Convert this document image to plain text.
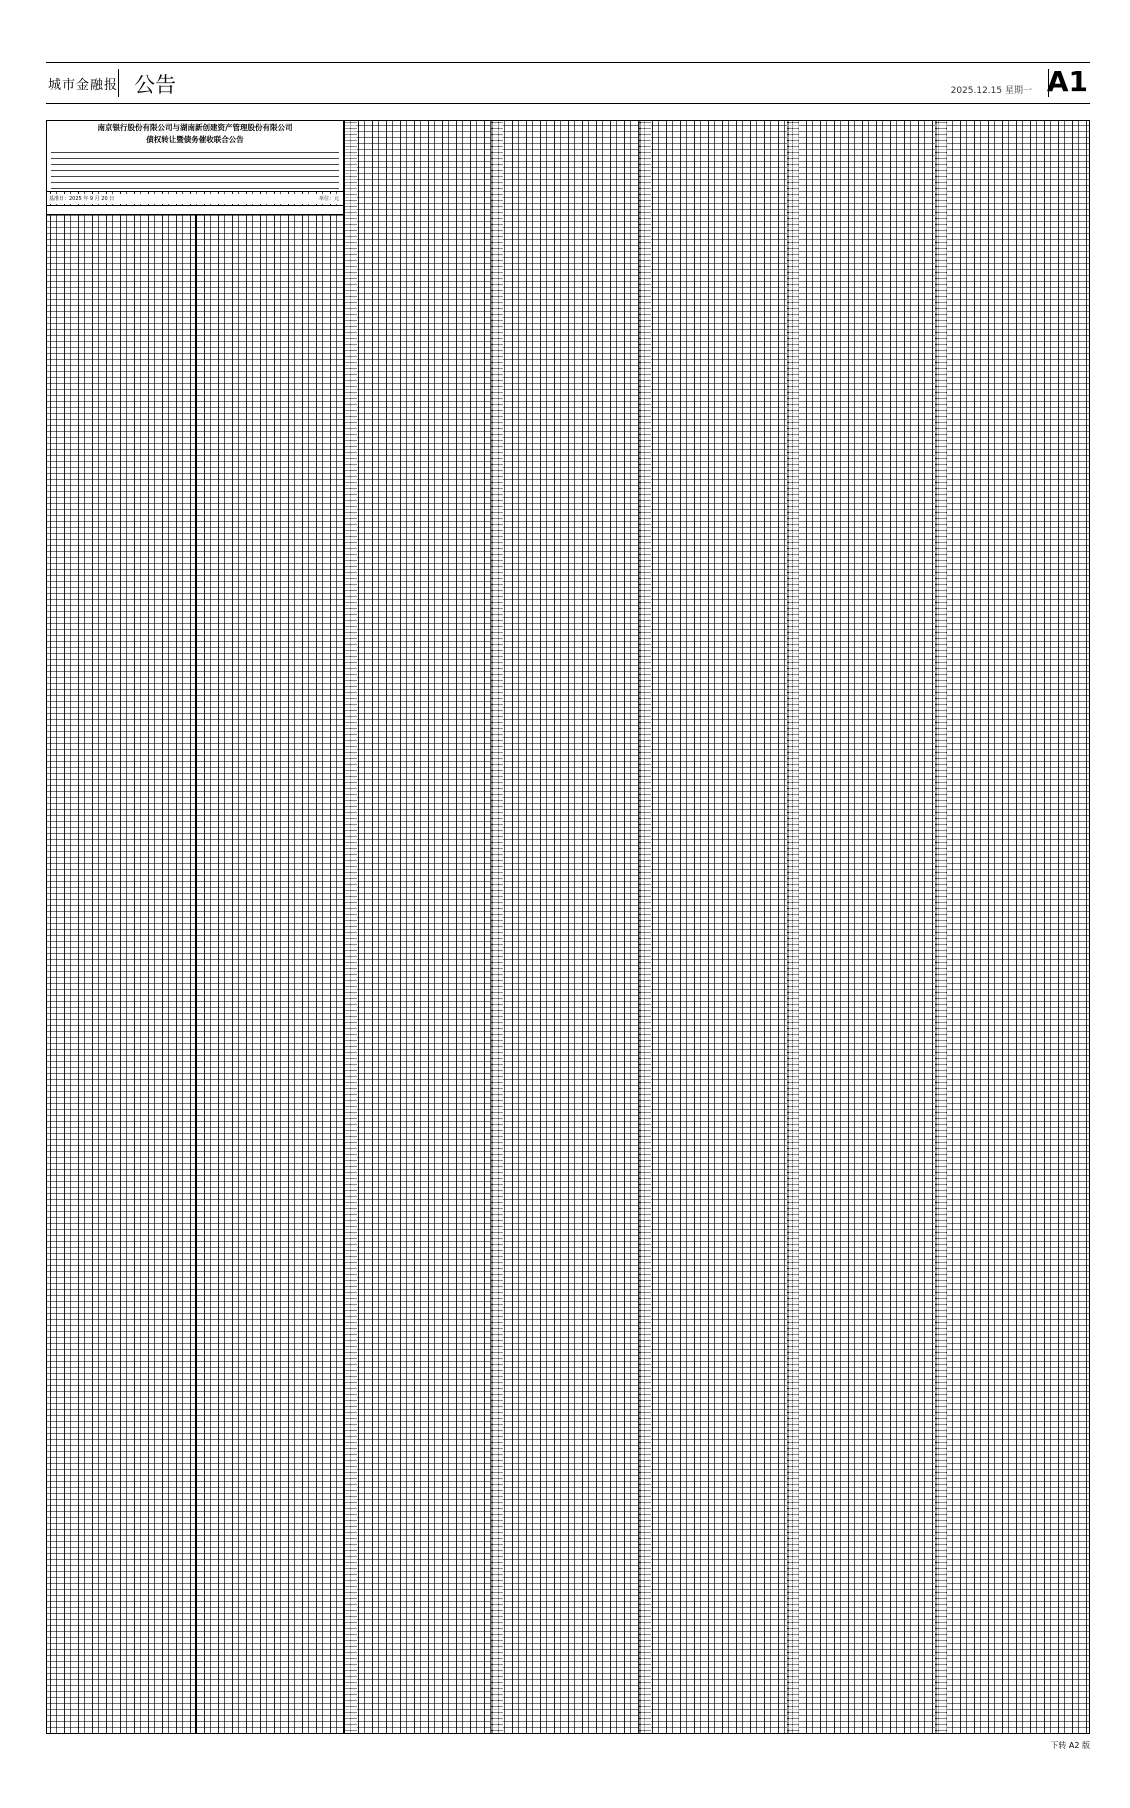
城市金融报 公告	2025.12.15 星期一 A1
南京银行股份有限公司与湖南新创建资产管理股份有限公司
债权转让暨债务催收联合公告
基准日：2025 年 9 月 20 日	单位：元
下转 A2 版
